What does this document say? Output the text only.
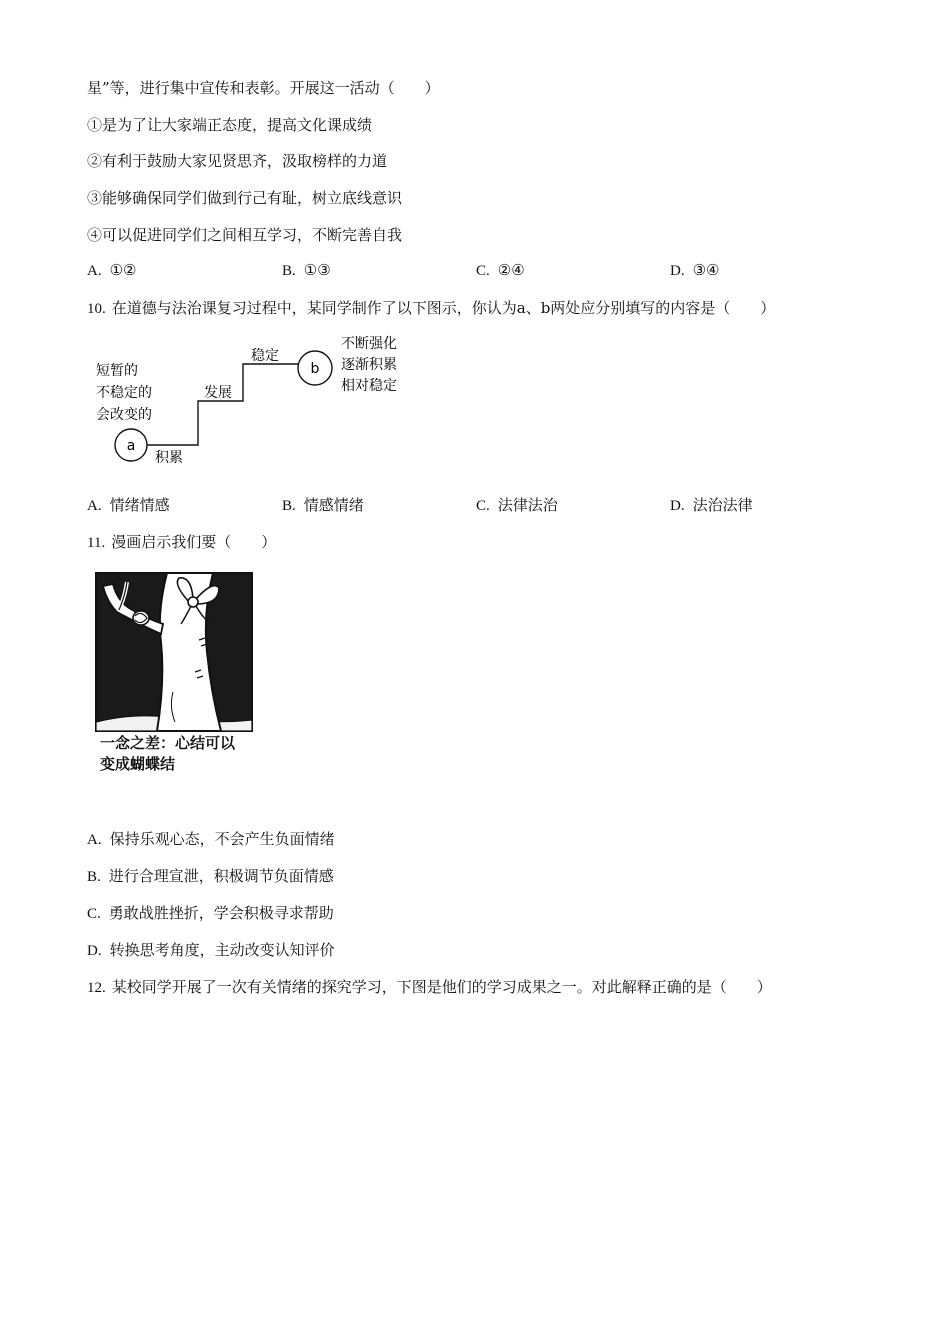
星”等，进行集中宣传和表彰。开展这一活动（　　）
①是为了让大家端正态度，提高文化课成绩
②有利于鼓励大家见贤思齐，汲取榜样的力道
③能够确保同学们做到行己有耻，树立底线意识
④可以促进同学们之间相互学习，不断完善自我
A. ①②	B. ①③	C. ②④	D. ③④
10. 在道德与法治课复习过程中，某同学制作了以下图示，你认为a、b两处应分别填写的内容是（　　）
短暂的
不稳定的
会改变的
a
b
积累
发展
稳定
不断强化
逐渐积累
相对稳定
A. 情绪情感	B. 情感情绪	C. 法律法治	D. 法治法律
11. 漫画启示我们要（　　）
一念之差：心结可以
变成蝴蝶结
A. 保持乐观心态，不会产生负面情绪
B. 进行合理宣泄，积极调节负面情感
C. 勇敢战胜挫折，学会积极寻求帮助
D. 转换思考角度，主动改变认知评价
12. 某校同学开展了一次有关情绪的探究学习，下图是他们的学习成果之一。对此解释正确的是（　　）
